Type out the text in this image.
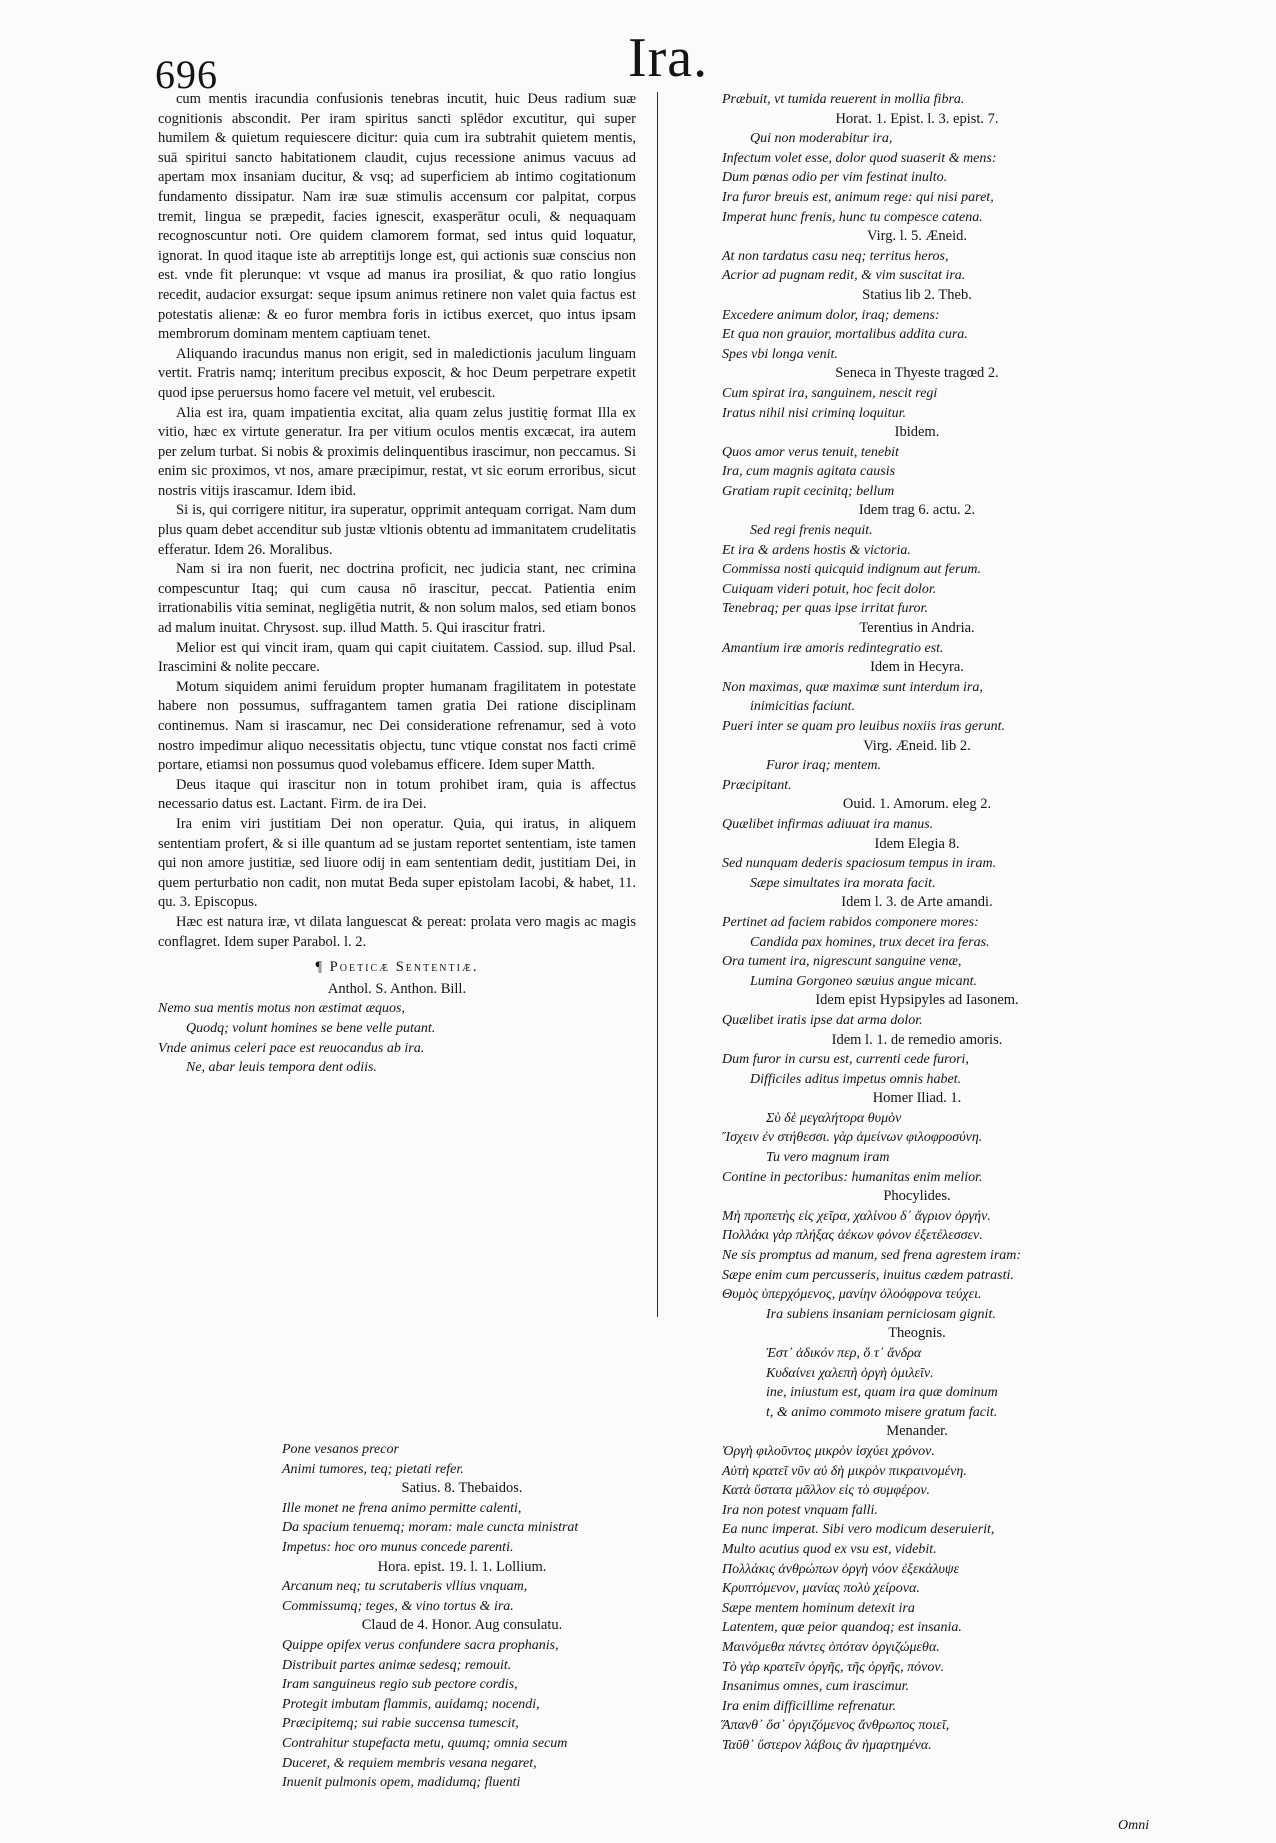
696	Ira.

cum mentis iracundia confusionis tenebras incutit, huic Deus radium suæ cognitionis abscondit. Per iram spiritus sancti splēdor excutitur, qui super humilem & quietum requiescere dicitur: quia cum ira subtrahit quietem mentis, suā spiritui sancto habitationem claudit, cujus recessione animus vacuus ad apertam mox insaniam ducitur, & vsq; ad superficiem ab intimo cogitationum fundamento dissipatur. Nam iræ suæ stimulis accensum cor palpitat, corpus tremit, lingua se præpedit, facies ignescit, exasperātur oculi, & nequaquam recognoscuntur noti. Ore quidem clamorem format, sed intus quid loquatur, ignorat. In quod itaque iste ab arreptitijs longe est, qui actionis suæ conscius non est. vnde fit plerunque: vt vsque ad manus ira prosiliat, & quo ratio longius recedit, audacior exsurgat: seque ipsum animus retinere non valet quia factus est potestatis alienæ: & eo furor membra foris in ictibus exercet, quo intus ipsam membrorum dominam mentem captiuam tenet.

Aliquando iracundus manus non erigit, sed in maledictionis jaculum linguam vertit. Fratris namq; interitum precibus exposcit, & hoc Deum perpetrare expetit quod ipse peruersus homo facere vel metuit, vel erubescit.

Alia est ira, quam impatientia excitat, alia quam zelus justitię format Illa ex vitio, hæc ex virtute generatur. Ira per vitium oculos mentis excæcat, ira autem per zelum turbat. Si nobis & proximis delinquentibus irascimur, non peccamus. Si enim sic proximos, vt nos, amare præcipimur, restat, vt sic eorum erroribus, sicut nostris vitijs irascamur. Idem ibid.

Si is, qui corrigere nititur, ira superatur, opprimit antequam corrigat. Nam dum plus quam debet accenditur sub justæ vltionis obtentu ad immanitatem crudelitatis efferatur. Idem 26. Moralibus.

Nam si ira non fuerit, nec doctrina proficit, nec judicia stant, nec crimina compescuntur Itaq; qui cum causa nō irascitur, peccat. Patientia enim irrationabilis vitia seminat, negligētia nutrit, & non solum malos, sed etiam bonos ad malum inuitat. Chrysost. sup. illud Matth. 5. Qui irascitur fratri.

Melior est qui vincit iram, quam qui capit ciuitatem. Cassiod. sup. illud Psal. Irascimini & nolite peccare.

Motum siquidem animi feruidum propter humanam fragilitatem in potestate habere non possumus, suffragantem tamen gratia Dei ratione disciplinam continemus. Nam si irascamur, nec Dei consideratione refrenamur, sed à voto nostro impedimur aliquo necessitatis objectu, tunc vtique constat nos facti crimē portare, etiamsi non possumus quod volebamus efficere. Idem super Matth.

Deus itaque qui irascitur non in totum prohibet iram, quia is affectus necessario datus est. Lactant. Firm. de ira Dei.

Ira enim viri justitiam Dei non operatur. Quia, qui iratus, in aliquem sententiam profert, & si ille quantum ad se justam reportet sententiam, iste tamen qui non amore justitiæ, sed liuore odij in eam sententiam dedit, justitiam Dei, in quem perturbatio non cadit, non mutat Beda super epistolam Iacobi, & habet, 11. qu. 3. Episcopus.

Hæc est natura iræ, vt dilata languescat & pereat: prolata vero magis ac magis conflagret. Idem super Parabol. l. 2.

¶ Poeticæ Sententiæ.

Anthol. S. Anthon. Bill.

Nemo sua mentis motus non æstimat æquos,

Quodq; volunt homines se bene velle putant.

Vnde animus celeri pace est reuocandus ab ira.

Ne, abar leuis tempora dent odiis.

Præbuit, vt tumida reuerent in mollia fibra.

Horat. 1. Epist. l. 3. epist. 7.

Qui non moderabitur ira,

Infectum volet esse, dolor quod suaserit & mens:

Dum pœnas odio per vim festinat inulto.

Ira furor breuis est, animum rege: qui nisi paret,

Imperat hunc frenis, hunc tu compesce catena.

Virg. l. 5. Æneid.

At non tardatus casu neq; territus heros,

Acrior ad pugnam redit, & vim suscitat ira.

Statius lib 2. Theb.

Excedere animum dolor, iraq; demens:

Et qua non grauior, mortalibus addita cura.

Spes vbi longa venit.

Seneca in Thyeste tragœd 2.

Cum spirat ira, sanguinem, nescit regi

Iratus nihil nisi criminą loquitur.

Ibidem.

Quos amor verus tenuit, tenebit

Ira, cum magnis agitata causis

Gratiam rupit cecinitq; bellum

Idem trag 6. actu. 2.

Sed regi frenis nequit.

Et ira & ardens hostis & victoria.

Commissa nosti quicquid indignum aut ferum.

Cuiquam videri potuit, hoc fecit dolor.

Tenebraq; per quas ipse irritat furor.

Terentius in Andria.

Amantium iræ amoris redintegratio est.

Idem in Hecyra.

Non maximas, quæ maximæ sunt interdum ira,

inimicitias faciunt.

Pueri inter se quam pro leuibus noxiis iras gerunt.

Virg. Æneid. lib 2.

Furor iraq; mentem.

Præcipitant.

Ouid. 1. Amorum. eleg 2.

Quælibet infirmas adiuuat ira manus.

Idem Elegia 8.

Sed nunquam dederis spaciosum tempus in iram.

Sæpe simultates ira morata facit.

Idem l. 3. de Arte amandi.

Pertinet ad faciem rabidos componere mores:

Candida pax homines, trux decet ira feras.

Ora tument ira, nigrescunt sanguine venæ,

Lumina Gorgoneo sæuius angue micant.

Idem epist Hypsipyles ad Iasonem.

Quælibet iratis ipse dat arma dolor.

Idem l. 1. de remedio amoris.

Dum furor in cursu est, currenti cede furori,

Difficiles aditus impetus omnis habet.

Homer Iliad. 1.

Σὺ δὲ μεγαλήτορα θυμὸν

Ἴσχειν ἐν στήθεσσι. γὰρ ἀμείνων φιλοφροσύνη.

Tu vero magnum iram

Contine in pectoribus: humanitas enim melior.

Phocylides.

Μὴ προπετὴς εἰς χεῖρα, χαλίνου δ᾽ ἄγριον ὀργήν.

Πολλάκι γὰρ πλήξας ἀέκων φόνον ἐξετέλεσσεν.

Ne sis promptus ad manum, sed frena agrestem iram:

Sæpe enim cum percusseris, inuitus cædem patrasti.

Θυμὸς ὑπερχόμενος, μανίην ὀλοόφρονα τεύχει.

Ira subiens insaniam perniciosam gignit.

Theognis.

Ἐστ᾽ ἀδικόν περ, ὅ τ᾽ ἄνδρα

Κυδαίνει χαλεπὴ ὀργὴ ὁμιλεῖν.

ine, iniustum est, quam ira quæ dominum

t, & animo commoto misere gratum facit.

Menander.

Ὀργὴ φιλοῦντος μικρὸν ἰσχύει χρόνον.

Αὐτὴ κρατεῖ νῦν αὐ δὴ μικρὸν πικραινομένη.

Κατὰ ὕστατα μᾶλλον εἰς τὸ συμφέρον.

Ira non potest vnquam falli.

Ea nunc imperat. Sibi vero modicum deseruierit,

Multo acutius quod ex vsu est, videbit.

Πολλάκις ἀνθρώπων ὀργὴ νόον ἐξεκάλυψε

Κρυπτόμενον, μανίας πολὺ χείρονα.

Sæpe mentem hominum detexit ira

Latentem, quæ peior quandoq; est insania.

Μαινόμεθα πάντες ὁπόταν ὀργιζώμεθα.

Τὸ γὰρ κρατεῖν ὀργῆς, τῆς ὀργῆς, πόνον.

Insanimus omnes, cum irascimur.

Ira enim difficillime refrenatur.

Ἅπανθ᾽ ὅσ᾽ ὀργιζόμενος ἄνθρωπος ποιεῖ,

Ταῦθ᾽ ὕστερον λάβοις ἂν ἡμαρτημένα.

Pone vesanos precor

Animi tumores, teq; pietati refer.

Satius. 8. Thebaidos.

Ille monet ne frena animo permitte calenti,

Da spacium tenuemq; moram: male cuncta ministrat

Impetus: hoc oro munus concede parenti.

Hora. epist. 19. l. 1. Lollium.

Arcanum neq; tu scrutaberis vllius vnquam,

Commissumq; teges, & vino tortus & ira.

Claud de 4. Honor. Aug consulatu.

Quippe opifex verus confundere sacra prophanis,

Distribuit partes animæ sedesq; remouit.

Iram sanguineus regio sub pectore cordis,

Protegit imbutam flammis, auidamq; nocendi,

Præcipitemq; sui rabie succensa tumescit,

Contrahitur stupefacta metu, quumq; omnia secum

Duceret, & requiem membris vesana negaret,

Inuenit pulmonis opem, madidumq; fluenti

Omni
